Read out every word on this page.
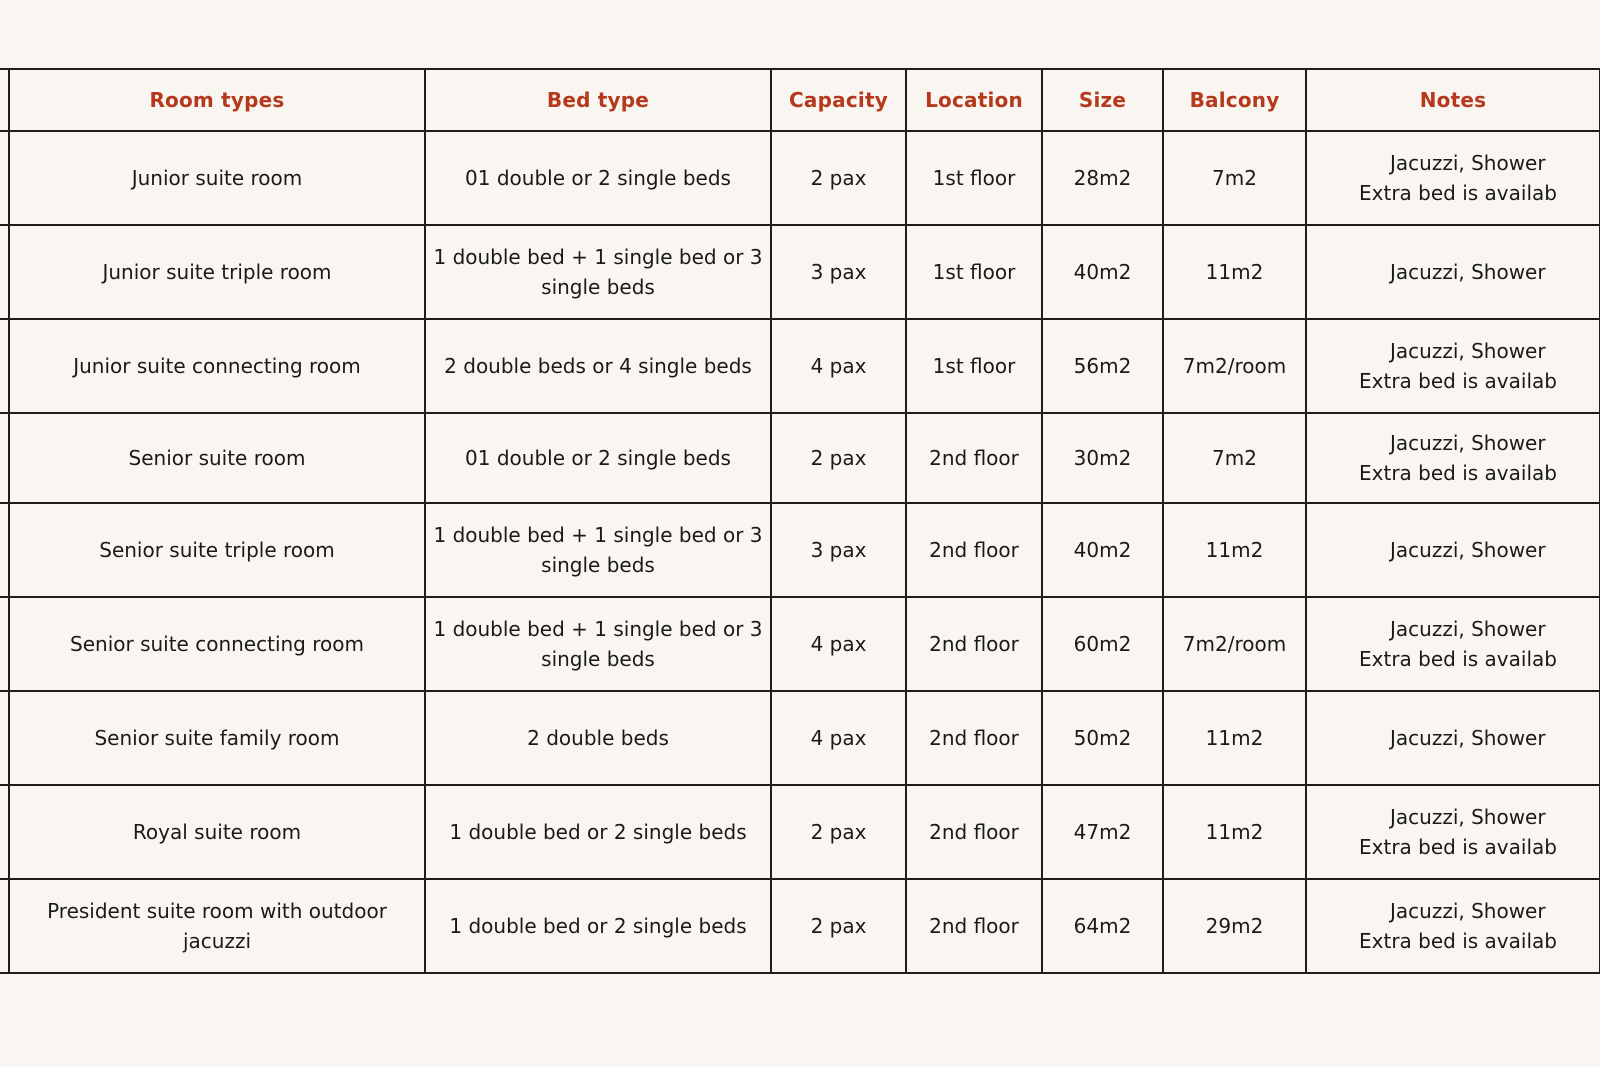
	Room types	Bed type	Capacity	Location	Size	Balcony	Notes
	Junior suite room	01 double or 2 single beds	2 pax	1st floor	28m2	7m2	Jacuzzi, Shower
Extra bed is availab

	Junior suite triple room	1 double bed + 1 single bed or 3 single beds	3 pax	1st floor	40m2	11m2	Jacuzzi, Shower

	Junior suite connecting room	2 double beds or 4 single beds	4 pax	1st floor	56m2	7m2/room	Jacuzzi, Shower
Extra bed is availab

	Senior suite room	01 double or 2 single beds	2 pax	2nd floor	30m2	7m2	Jacuzzi, Shower
Extra bed is availab

	Senior suite triple room	1 double bed + 1 single bed or 3 single beds	3 pax	2nd floor	40m2	11m2	Jacuzzi, Shower

	Senior suite connecting room	1 double bed + 1 single bed or 3 single beds	4 pax	2nd floor	60m2	7m2/room	Jacuzzi, Shower
Extra bed is availab

	Senior suite family room	2 double beds	4 pax	2nd floor	50m2	11m2	Jacuzzi, Shower

	Royal suite room	1 double bed or 2 single beds	2 pax	2nd floor	47m2	11m2	Jacuzzi, Shower
Extra bed is availab

	President suite room with outdoor jacuzzi	1 double bed or 2 single beds	2 pax	2nd floor	64m2	29m2	Jacuzzi, Shower
Extra bed is availab
